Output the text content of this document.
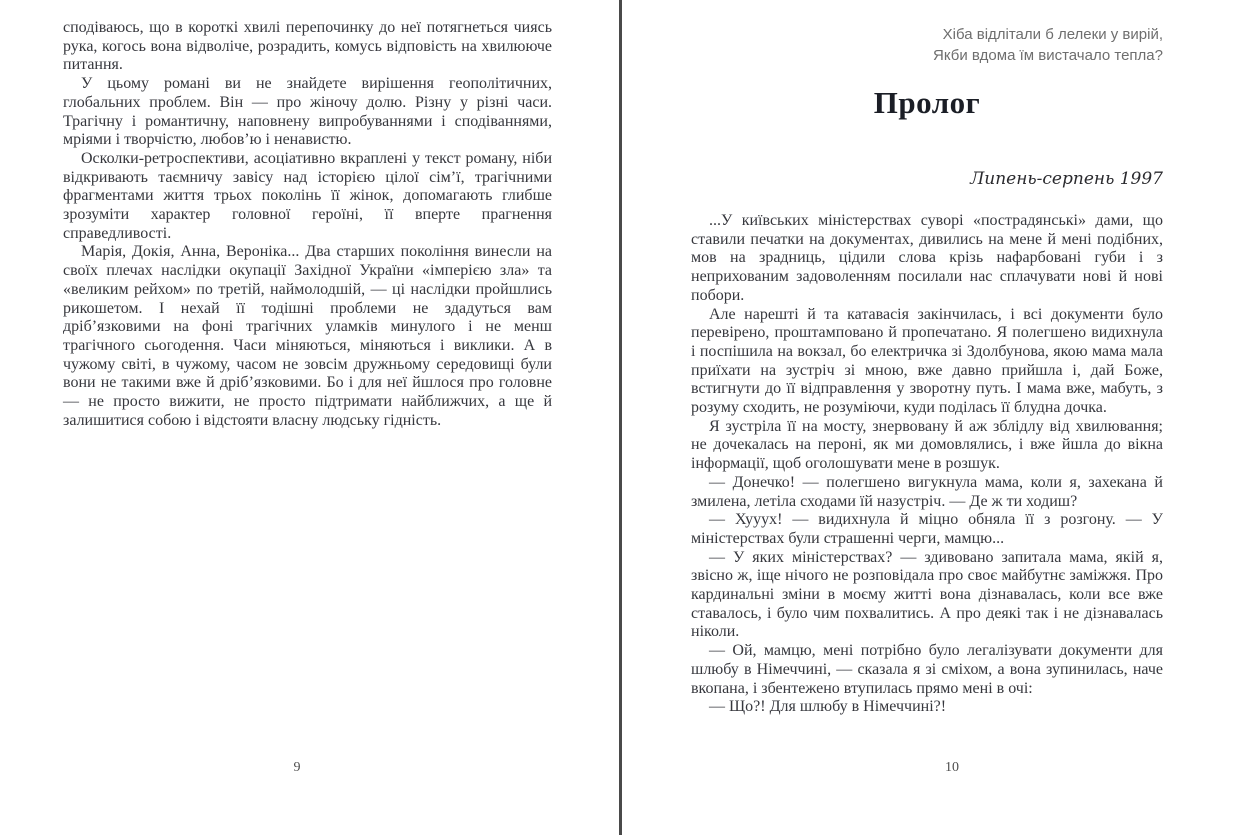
сподіваюсь, що в короткі хвилі перепочинку до неї потягнеться чиясь рука, когось вона відволіче, розрадить, комусь відповість на хвилююче питання.

У цьому романі ви не знайдете вирішення геополітичних, глобальних проблем. Він — про жіночу долю. Різну у різні часи. Трагічну і романтичну, наповнену випробуваннями і сподіваннями, мріями і творчістю, любов’ю і ненавистю.

Осколки-ретроспективи, асоціативно вкраплені у текст роману, ніби відкривають таємничу завісу над історією цілої сім’ї, трагічними фрагментами життя трьох поколінь її жінок, допомагають глибше зрозуміти характер головної героїні, її вперте прагнення справедливості.

Марія, Докія, Анна, Вероніка... Два старших покоління винесли на своїх плечах наслідки окупації Західної України «імперією зла» та «великим рейхом» по третій, наймолодшій, — ці наслідки пройшлись рикошетом. І нехай її тодішні проблеми не здадуться вам дріб’язковими на фоні трагічних уламків минулого і не менш трагічного сьогодення. Часи міняються, міняються і виклики. А в чужому світі, в чужому, часом не зовсім дружньому середовищі були вони не такими вже й дріб’язковими. Бо і для неї йшлося про головне — не просто вижити, не просто підтримати найближчих, а ще й залишитися собою і відстояти власну людську гідність.

9
Хіба відлітали б лелеки у вирій,
Якби вдома їм вистачало тепла?
Пролог
Липень-серпень 1997

...У київських міністерствах суворі «пострадянські» дами, що ставили печатки на документах, дивились на мене й мені подібних, мов на зрадниць, цідили слова крізь нафарбовані губи і з неприхованим задоволенням посилали нас сплачувати нові й нові побори.

Але нарешті й та катавасія закінчилась, і всі документи було перевірено, проштамповано й пропечатано. Я полегшено видихнула і поспішила на вокзал, бо електричка зі Здолбунова, якою мама мала приїхати на зустріч зі мною, вже давно прийшла і, дай Боже, встигнути до її відправлення у зворотну путь. І мама вже, мабуть, з розуму сходить, не розуміючи, куди поділась її блудна дочка.

Я зустріла її на мосту, знервовану й аж зблідлу від хвилювання; не дочекалась на пероні, як ми домовлялись, і вже йшла до вікна інформації, щоб оголошувати мене в розшук.

— Донечко! — полегшено вигукнула мама, коли я, захекана й змилена, летіла сходами їй назустріч. — Де ж ти ходиш?

— Хууух! — видихнула й міцно обняла її з розгону. — У міністерствах були страшенні черги, мамцю...

— У яких міністерствах? — здивовано запитала мама, якій я, звісно ж, іще нічого не розповідала про своє майбутнє заміжжя. Про кардинальні зміни в моєму житті вона дізнавалась, коли все вже ставалось, і було чим похвалитись. А про деякі так і не дізнавалась ніколи.

— Ой, мамцю, мені потрібно було легалізувати документи для шлюбу в Німеччині, — сказала я зі сміхом, а вона зупинилась, наче вкопана, і збентежено втупилась прямо мені в очі:

— Що?! Для шлюбу в Німеччині?!

10
